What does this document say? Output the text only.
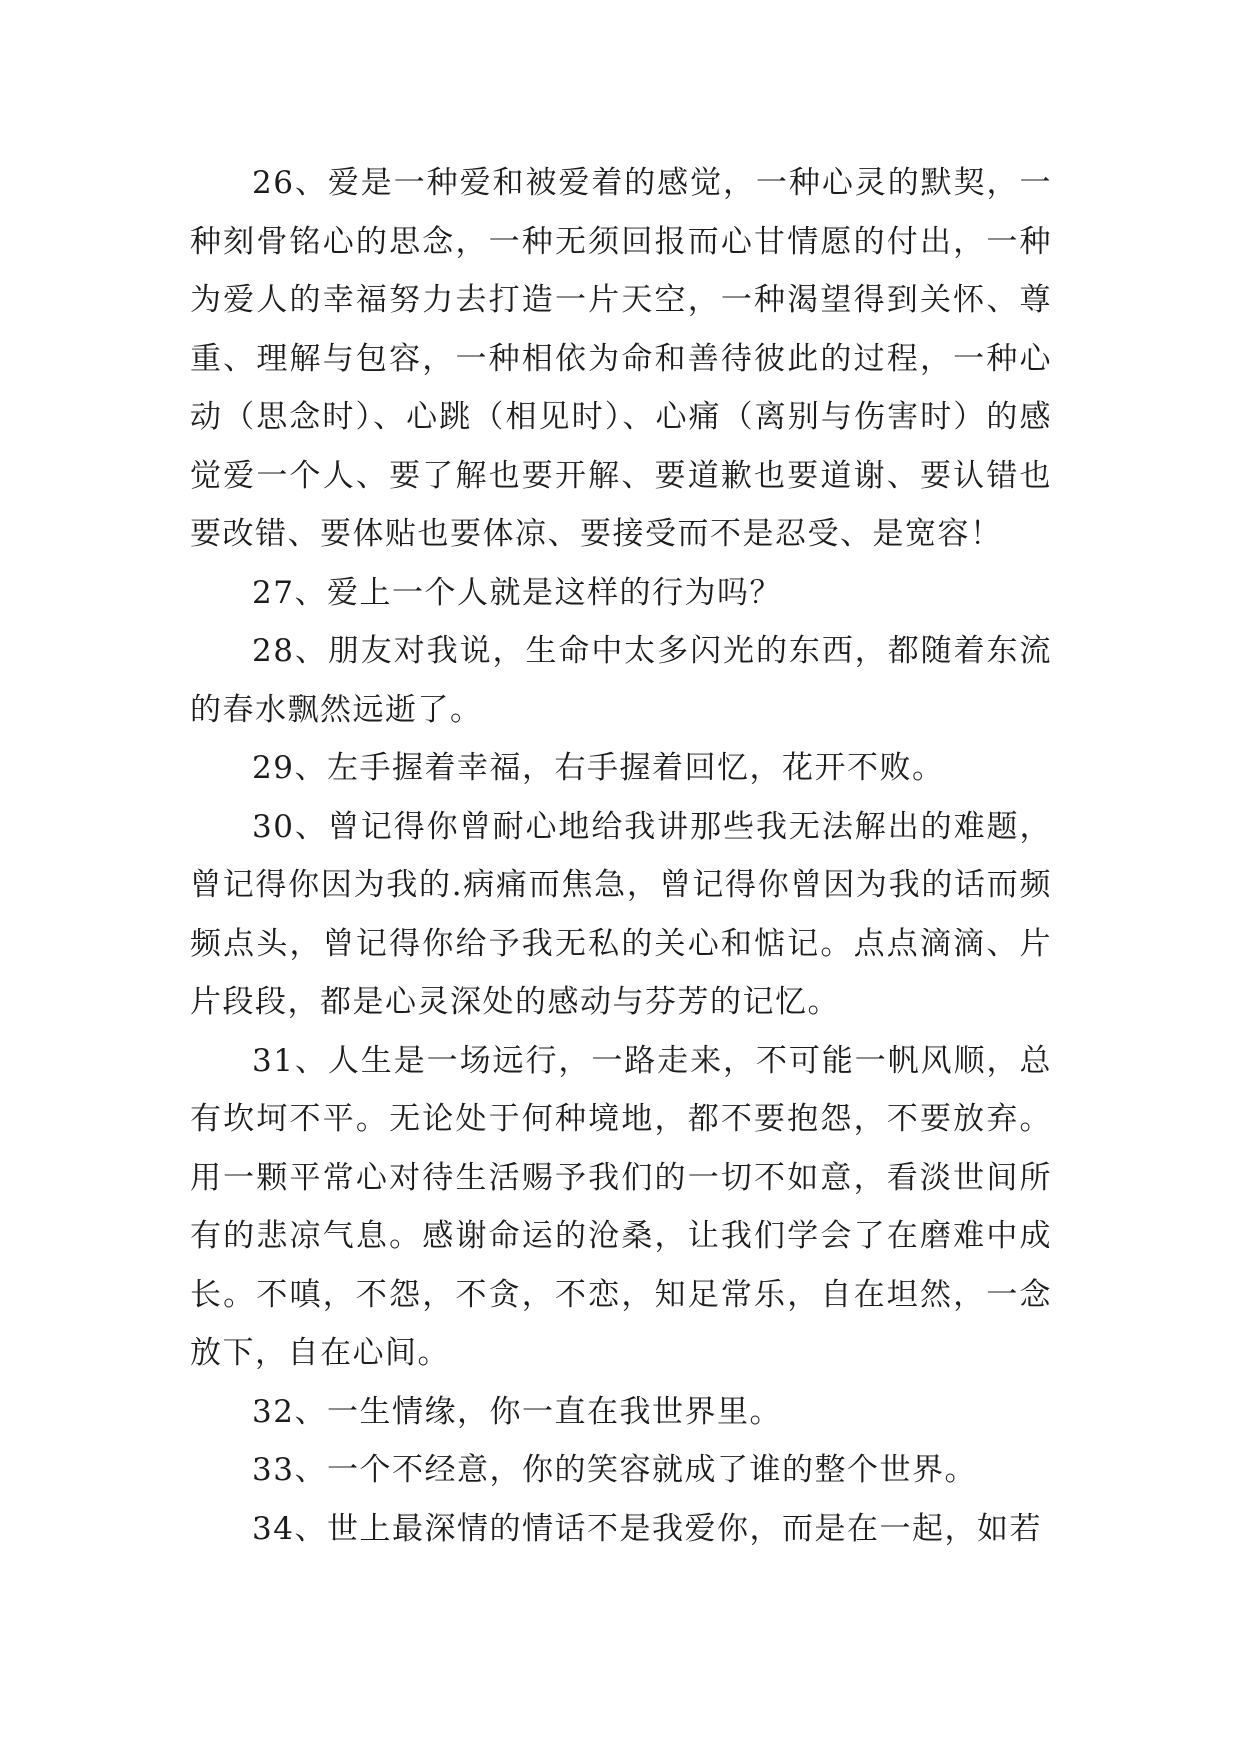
26、爱是一种爱和被爱着的感觉，一种心灵的默契，一种刻骨铭心的思念，一种无须回报而心甘情愿的付出，一种为爱人的幸福努力去打造一片天空，一种渴望得到关怀、尊重、理解与包容，一种相依为命和善待彼此的过程，一种心动（思念时）、心跳（相见时）、心痛（离别与伤害时）的感觉爱一个人、要了解也要开解、要道歉也要道谢、要认错也要改错、要体贴也要体凉、要接受而不是忍受、是宽容！

27、爱上一个人就是这样的行为吗？

28、朋友对我说，生命中太多闪光的东西，都随着东流的春水飘然远逝了。

29、左手握着幸福，右手握着回忆，花开不败。

30、曾记得你曾耐心地给我讲那些我无法解出的难题，曾记得你因为我的.病痛而焦急，曾记得你曾因为我的话而频频点头，曾记得你给予我无私的关心和惦记。点点滴滴、片片段段，都是心灵深处的感动与芬芳的记忆。

31、人生是一场远行，一路走来，不可能一帆风顺，总有坎坷不平。无论处于何种境地，都不要抱怨，不要放弃。用一颗平常心对待生活赐予我们的一切不如意，看淡世间所有的悲凉气息。感谢命运的沧桑，让我们学会了在磨难中成长。不嗔，不怨，不贪，不恋，知足常乐，自在坦然，一念放下，自在心间。

32、一生情缘，你一直在我世界里。

33、一个不经意，你的笑容就成了谁的整个世界。

34、世上最深情的情话不是我爱你，而是在一起，如若
